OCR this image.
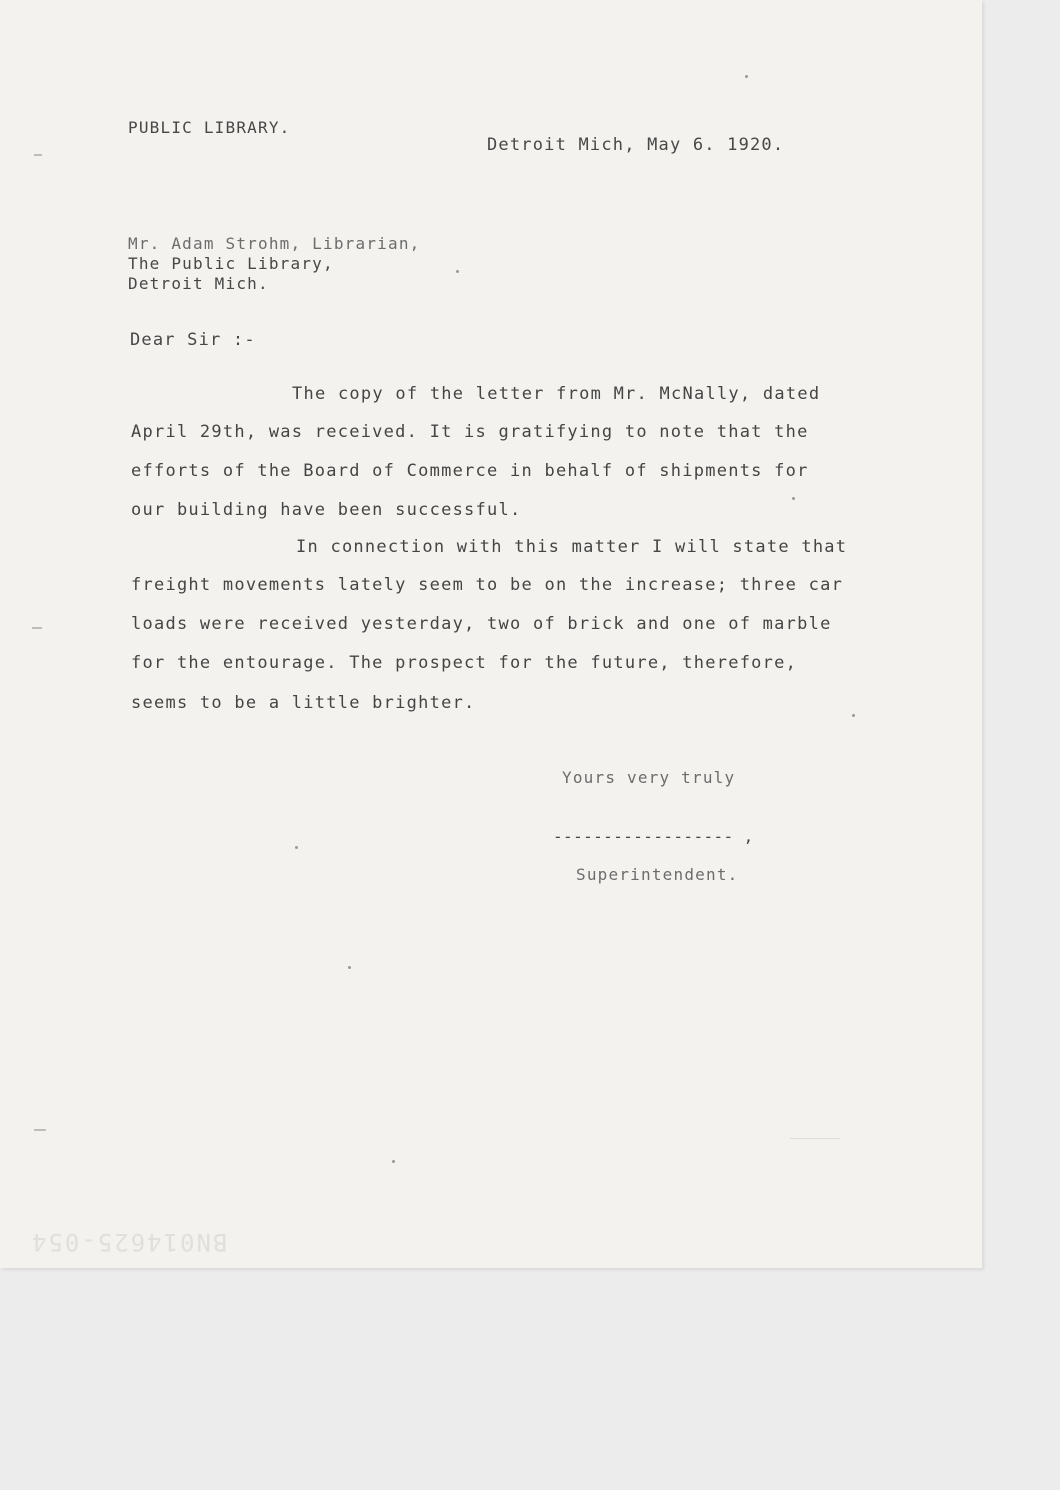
PUBLIC LIBRARY.
Detroit Mich, May 6. 1920.
Mr. Adam Strohm, Librarian,
The Public Library,
Detroit Mich.
Dear Sir :-
The copy of the letter from Mr. McNally, dated
April 29th, was received. It is gratifying to note that the
efforts of the Board of Commerce in behalf of shipments for
our building have been successful.
In connection with this matter I will state that
freight movements lately seem to be on the increase; three car
loads were received yesterday, two of brick and one of marble
for the entourage. The prospect for the future, therefore,
seems to be a little brighter.
Yours very truly
------------------ ,
Superintendent.
BN014625-054
